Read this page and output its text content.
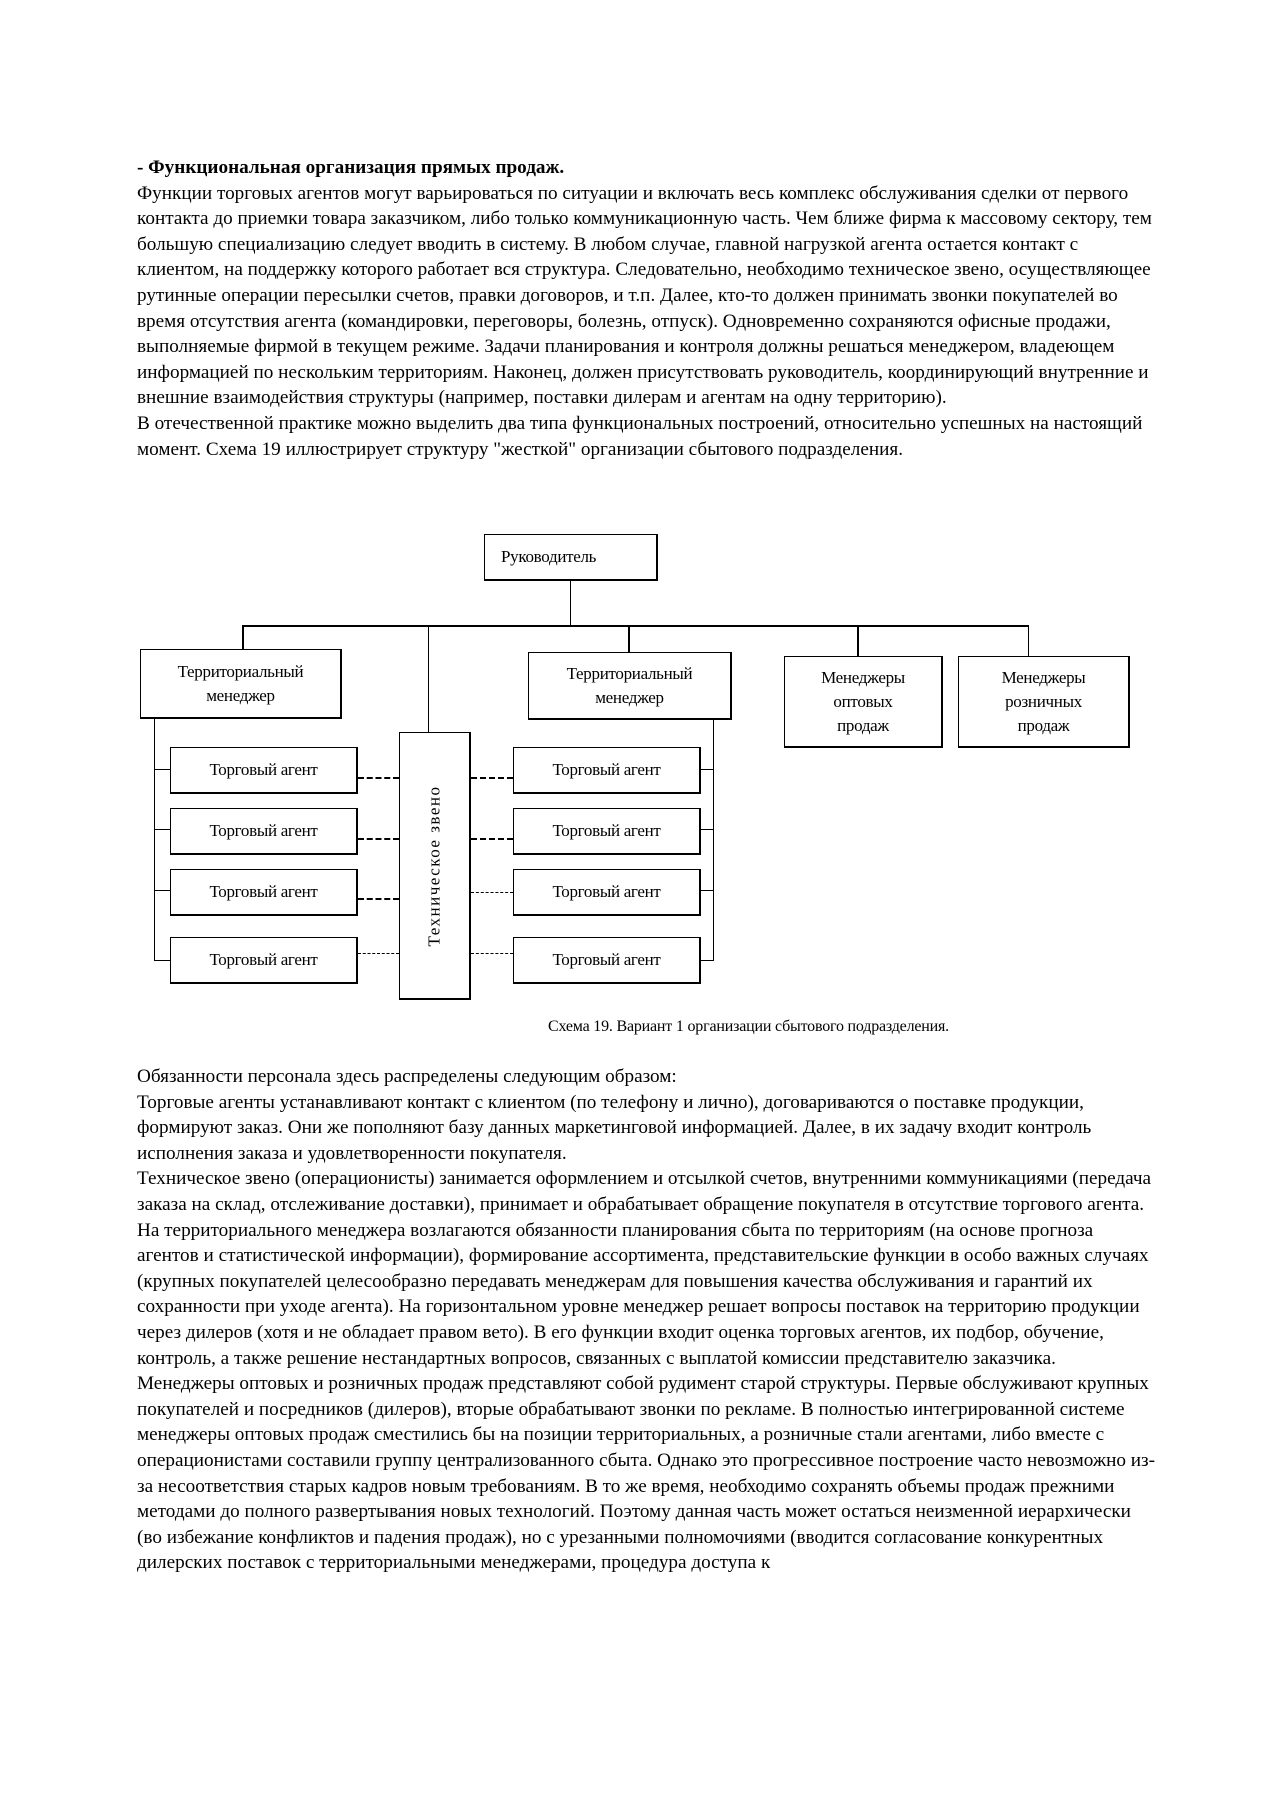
- Функциональная организация прямых продаж.

Функции торговых агентов могут варьироваться по ситуации и включать весь комплекс обслуживания сделки от первого контакта до приемки товара заказчиком, либо только коммуникационную часть. Чем ближе фирма к массовому сектору, тем большую специализацию следует вводить в систему. В любом случае, главной нагрузкой агента остается контакт с клиентом, на поддержку которого работает вся структура. Следовательно, необходимо техническое звено, осуществляющее рутинные операции пересылки счетов, правки договоров, и т.п. Далее, кто-то должен принимать звонки покупателей во время отсутствия агента (командировки, переговоры, болезнь, отпуск). Одновременно сохраняются офисные продажи, выполняемые фирмой в текущем режиме. Задачи планирования и контроля должны решаться менеджером, владеющем информацией по нескольким территориям. Наконец, должен присутствовать руководитель, координирующий внутренние и внешние взаимодействия структуры (например, поставки дилерам и агентам на одну территорию).

В отечественной практике можно выделить два типа функциональных построений, относительно успешных на настоящий момент. Схема 19 иллюстрирует структуру "жесткой" организации сбытового подразделения.

Руководитель
Территориальный менеджер
Территориальный менеджер
Менеджеры оптовых продаж
Менеджеры розничных продаж
Торговый агент
Торговый агент
Торговый агент
Торговый агент
Техническое звено
Торговый агент
Торговый агент
Торговый агент
Торговый агент
Схема 19. Вариант 1 организации сбытового подразделения.

Обязанности персонала здесь распределены следующим образом:

Торговые агенты устанавливают контакт с клиентом (по телефону и лично), договариваются о поставке продукции, формируют заказ. Они же пополняют базу данных маркетинговой информацией. Далее, в их задачу входит контроль исполнения заказа и удовлетворенности покупателя.

Техническое звено (операционисты) занимается оформлением и отсылкой счетов, внутренними коммуникациями (передача заказа на склад, отслеживание доставки), принимает и обрабатывает обращение покупателя в отсутствие торгового агента.

На территориального менеджера возлагаются обязанности планирования сбыта по территориям (на основе прогноза агентов и статистической информации), формирование ассортимента, представительские функции в особо важных случаях (крупных покупателей целесообразно передавать менеджерам для повышения качества обслуживания и гарантий их сохранности при уходе агента). На горизонтальном уровне менеджер решает вопросы поставок на территорию продукции через дилеров (хотя и не обладает правом вето). В его функции входит оценка торговых агентов, их подбор, обучение, контроль, а также решение нестандартных вопросов, связанных с выплатой комиссии представителю заказчика.

Менеджеры оптовых и розничных продаж представляют собой рудимент старой структуры. Первые обслуживают крупных покупателей и посредников (дилеров), вторые обрабатывают звонки по рекламе. В полностью интегрированной системе менеджеры оптовых продаж сместились бы на позиции территориальных, а розничные стали агентами, либо вместе с операционистами составили группу централизованного сбыта. Однако это прогрессивное построение часто невозможно из-за несоответствия старых кадров новым требованиям. В то же время, необходимо сохранять объемы продаж прежними методами до полного развертывания новых технологий. Поэтому данная часть может остаться неизменной иерархически (во избежание конфликтов и падения продаж), но с урезанными полномочиями (вводится согласование конкурентных дилерских поставок с территориальными менеджерами, процедура доступа к
